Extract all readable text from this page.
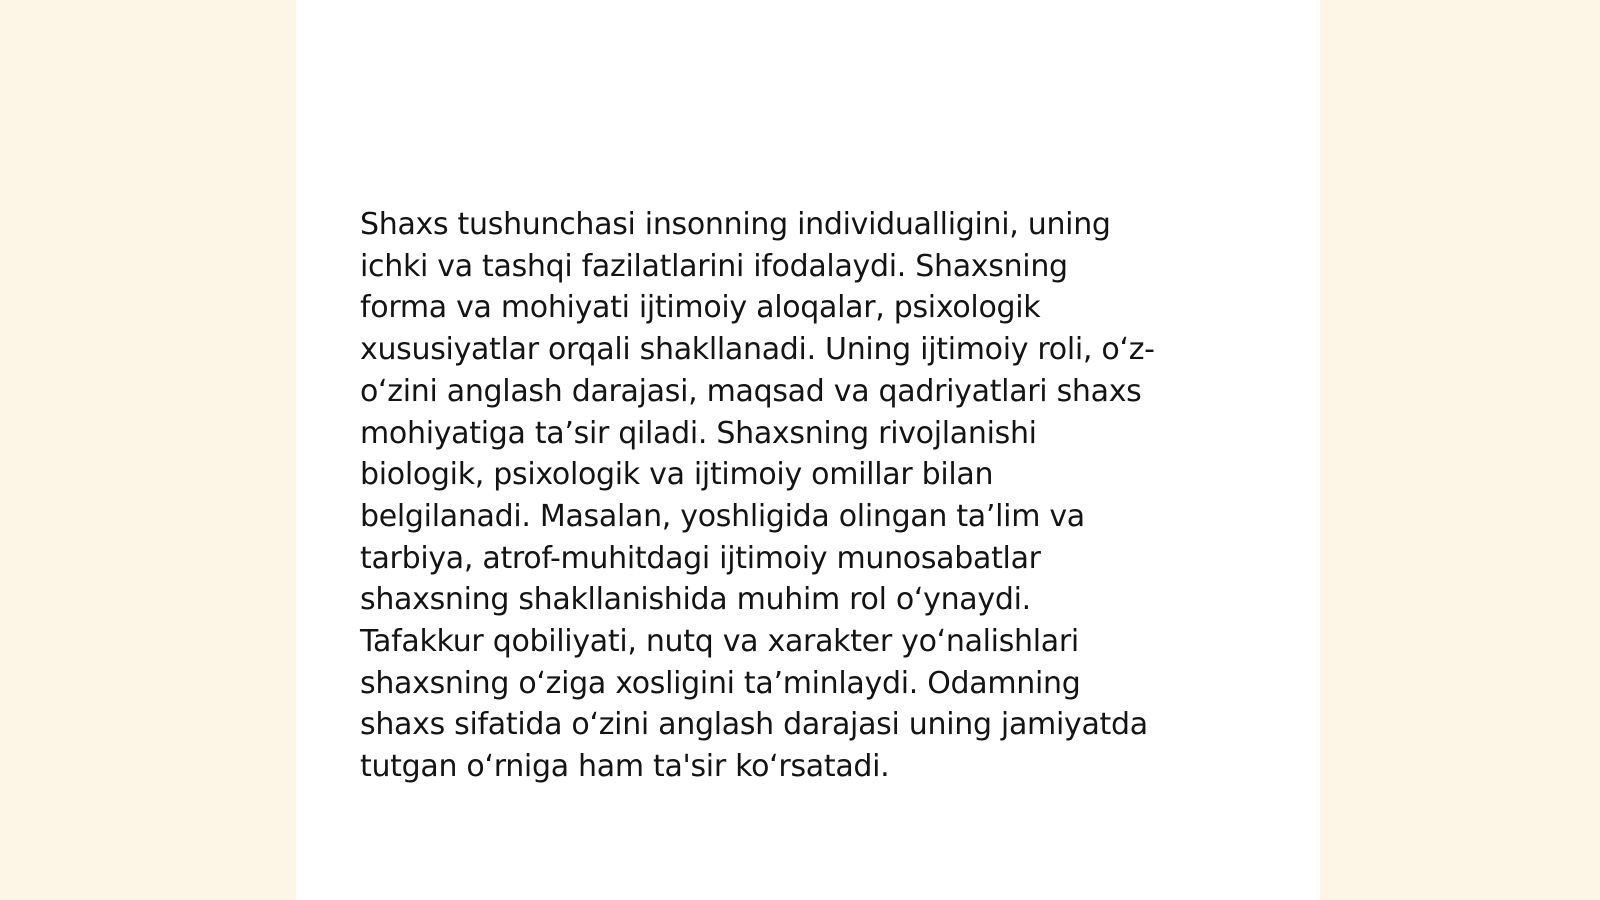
Shaxs tushunchasi insonning individualligini, uning
ichki va tashqi fazilatlarini ifodalaydi. Shaxsning
forma va mohiyati ijtimoiy aloqalar, psixologik
xususiyatlar orqali shakllanadi. Uning ijtimoiy roli, o‘z-
o‘zini anglash darajasi, maqsad va qadriyatlari shaxs
mohiyatiga ta’sir qiladi. Shaxsning rivojlanishi
biologik, psixologik va ijtimoiy omillar bilan
belgilanadi. Masalan, yoshligida olingan ta’lim va
tarbiya, atrof-muhitdagi ijtimoiy munosabatlar
shaxsning shakllanishida muhim rol o‘ynaydi.
Tafakkur qobiliyati, nutq va xarakter yo‘nalishlari
shaxsning o‘ziga xosligini ta’minlaydi. Odamning
shaxs sifatida o‘zini anglash darajasi uning jamiyatda
tutgan o‘rniga ham ta'sir ko‘rsatadi.
